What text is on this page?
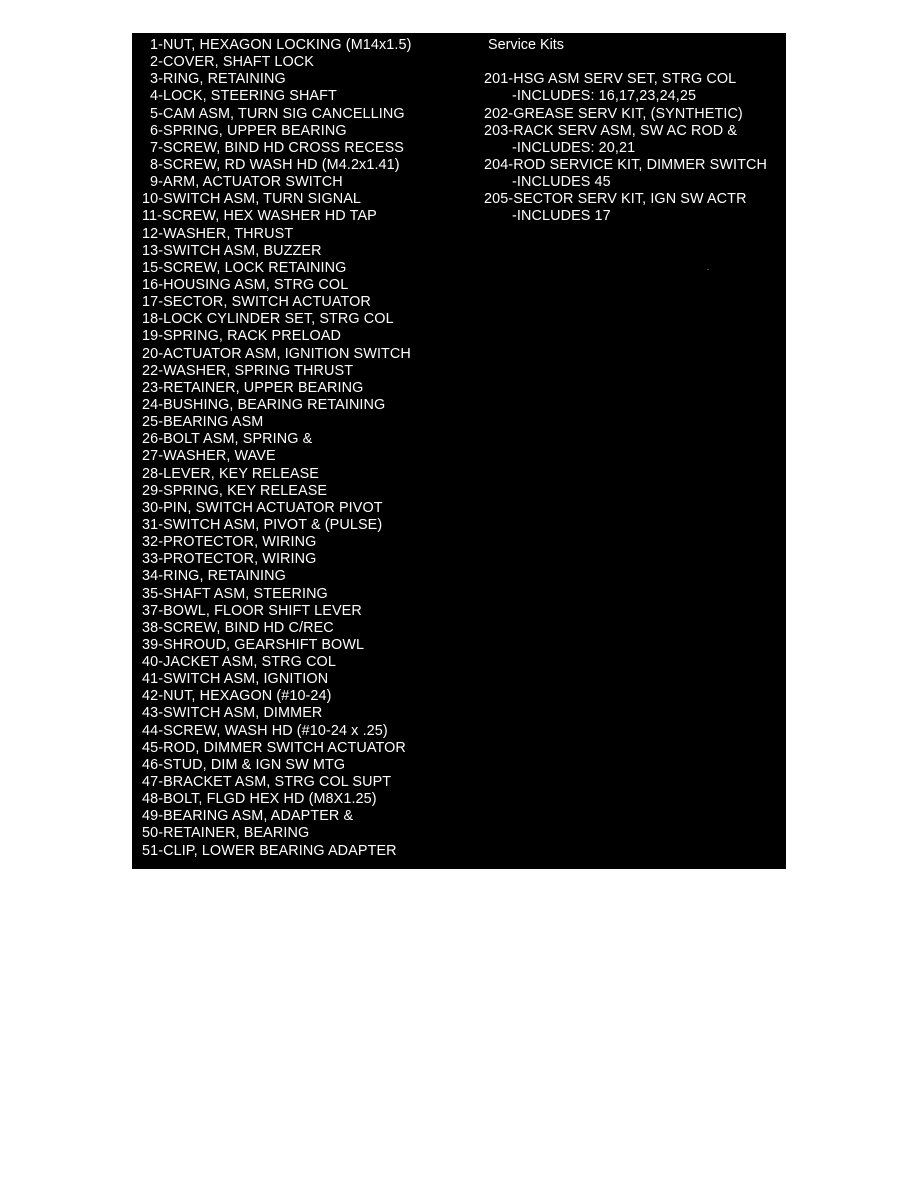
1-NUT, HEXAGON LOCKING (M14x1.5)
2-COVER, SHAFT LOCK
3-RING, RETAINING
4-LOCK, STEERING SHAFT
5-CAM ASM, TURN SIG CANCELLING
6-SPRING, UPPER BEARING
7-SCREW, BIND HD CROSS RECESS
8-SCREW, RD WASH HD (M4.2x1.41)
9-ARM, ACTUATOR SWITCH
10-SWITCH ASM, TURN SIGNAL
11-SCREW, HEX WASHER HD TAP
12-WASHER, THRUST
13-SWITCH ASM, BUZZER
15-SCREW, LOCK RETAINING
16-HOUSING ASM, STRG COL
17-SECTOR, SWITCH ACTUATOR
18-LOCK CYLINDER SET, STRG COL
19-SPRING, RACK PRELOAD
20-ACTUATOR ASM, IGNITION SWITCH
22-WASHER, SPRING THRUST
23-RETAINER, UPPER BEARING
24-BUSHING, BEARING RETAINING
25-BEARING ASM
26-BOLT ASM, SPRING &
27-WASHER, WAVE
28-LEVER, KEY RELEASE
29-SPRING, KEY RELEASE
30-PIN, SWITCH ACTUATOR PIVOT
31-SWITCH ASM, PIVOT & (PULSE)
32-PROTECTOR, WIRING
33-PROTECTOR, WIRING
34-RING, RETAINING
35-SHAFT ASM, STEERING
37-BOWL, FLOOR SHIFT LEVER
38-SCREW, BIND HD C/REC
39-SHROUD, GEARSHIFT BOWL
40-JACKET ASM, STRG COL
41-SWITCH ASM, IGNITION
42-NUT, HEXAGON (#10-24)
43-SWITCH ASM, DIMMER
44-SCREW, WASH HD (#10-24 x .25)
45-ROD, DIMMER SWITCH ACTUATOR
46-STUD, DIM & IGN SW MTG
47-BRACKET ASM, STRG COL SUPT
48-BOLT, FLGD HEX HD (M8X1.25)
49-BEARING ASM, ADAPTER &
50-RETAINER, BEARING
51-CLIP, LOWER BEARING ADAPTER
Service Kits
201-HSG ASM SERV SET, STRG COL
-INCLUDES: 16,17,23,24,25
202-GREASE SERV KIT, (SYNTHETIC)
203-RACK SERV ASM, SW AC ROD &
-INCLUDES: 20,21
204-ROD SERVICE KIT, DIMMER SWITCH
-INCLUDES 45
205-SECTOR SERV KIT, IGN SW ACTR
-INCLUDES 17
